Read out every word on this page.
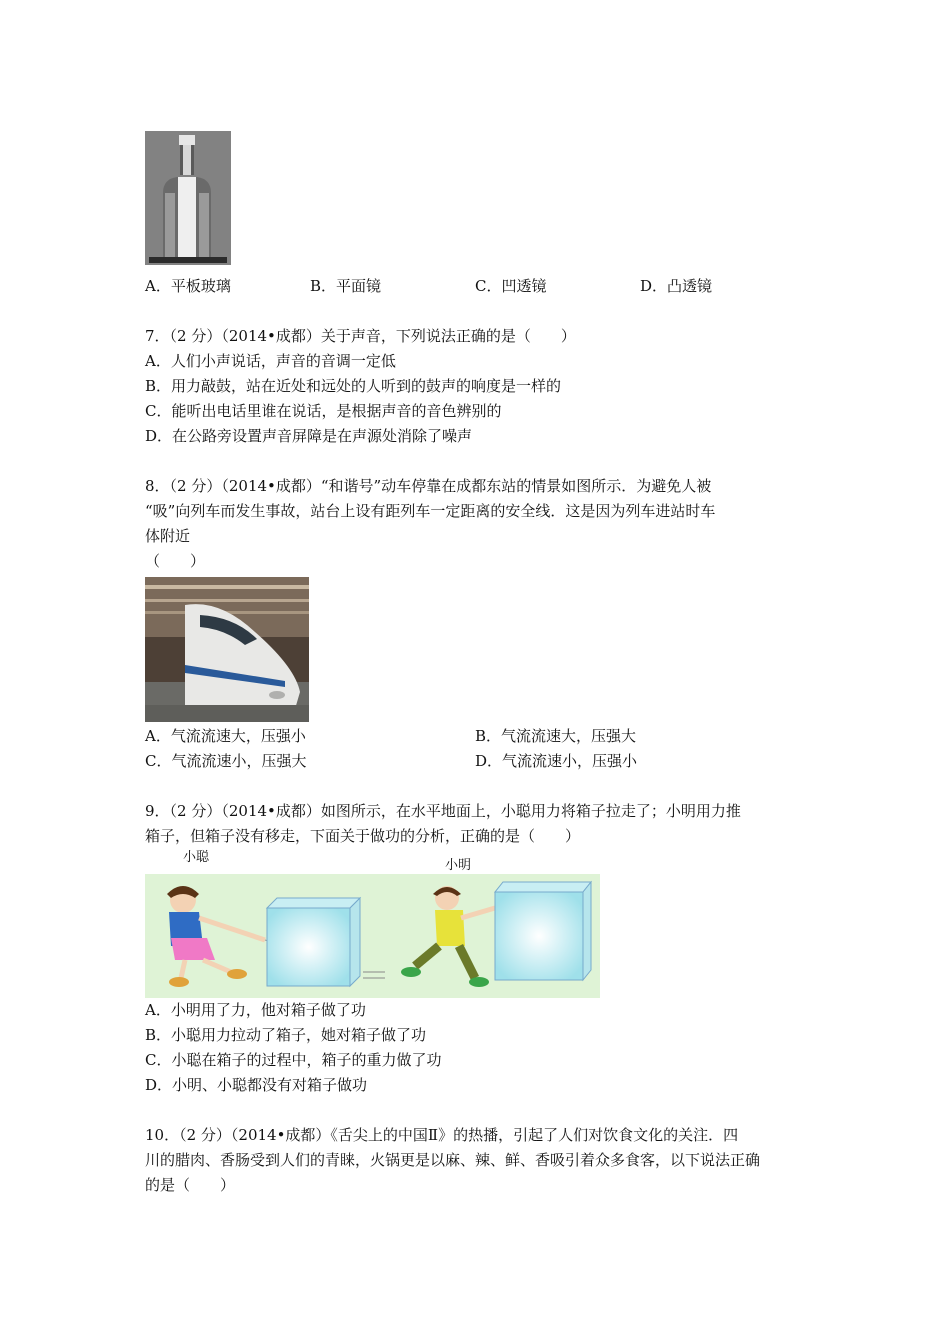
A．平板玻璃	B．平面镜	C．凹透镜	D．凸透镜
7．（2 分）（2014•成都）关于声音，下列说法正确的是（　　）
A．人们小声说话，声音的音调一定低
B．用力敲鼓，站在近处和远处的人听到的鼓声的响度是一样的
C．能听出电话里谁在说话，是根据声音的音色辨别的
D．在公路旁设置声音屏障是在声源处消除了噪声
8．（2 分）（2014•成都）“和谐号”动车停靠在成都东站的情景如图所示．为避免人被
“吸”向列车而发生事故，站台上设有距列车一定距离的安全线．这是因为列车进站时车
体附近
（　　）
A．气流流速大，压强小	B．气流流速大，压强大
C．气流流速小，压强大	D．气流流速小，压强小
9．（2 分）（2014•成都）如图所示，在水平地面上，小聪用力将箱子拉走了；小明用力推
箱子，但箱子没有移走，下面关于做功的分析，正确的是（　　）
小聪
小明
A．小明用了力，他对箱子做了功
B．小聪用力拉动了箱子，她对箱子做了功
C．小聪在箱子的过程中，箱子的重力做了功
D．小明、小聪都没有对箱子做功
10．（2 分）（2014•成都）《舌尖上的中国Ⅱ》的热播，引起了人们对饮食文化的关注．四
川的腊肉、香肠受到人们的青睐，火锅更是以麻、辣、鲜、香吸引着众多食客，以下说法正确
的是（　　）
